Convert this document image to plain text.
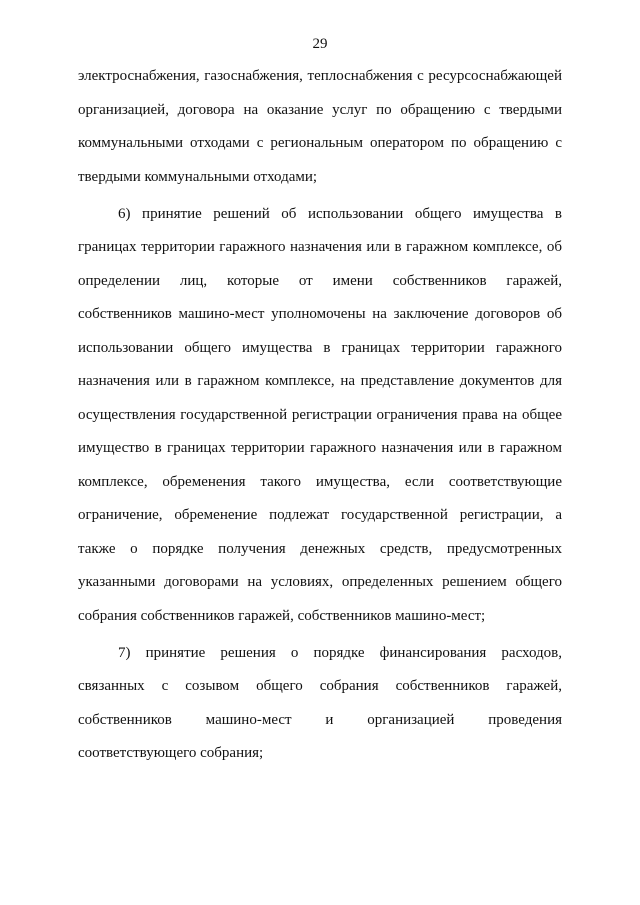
29

электроснабжения, газоснабжения, теплоснабжения с ресурсоснабжающей
организацией, договора на оказание услуг по обращению с твердыми
коммунальными отходами с региональным оператором по обращению с
твердыми коммунальными отходами;

6) принятие решений об использовании общего имущества в
границах территории гаражного назначения или в гаражном комплексе, об
определении лиц, которые от имени собственников гаражей,
собственников машино-мест уполномочены на заключение договоров об
использовании общего имущества в границах территории гаражного
назначения или в гаражном комплексе, на представление документов для
осуществления государственной регистрации ограничения права на общее
имущество в границах территории гаражного назначения или в гаражном
комплексе, обременения такого имущества, если соответствующие
ограничение, обременение подлежат государственной регистрации, а
также о порядке получения денежных средств, предусмотренных
указанными договорами на условиях, определенных решением общего
собрания собственников гаражей, собственников машино-мест;

7) принятие решения о порядке финансирования расходов,
связанных с созывом общего собрания собственников гаражей,
собственников машино-мест и организацией проведения
соответствующего собрания;
